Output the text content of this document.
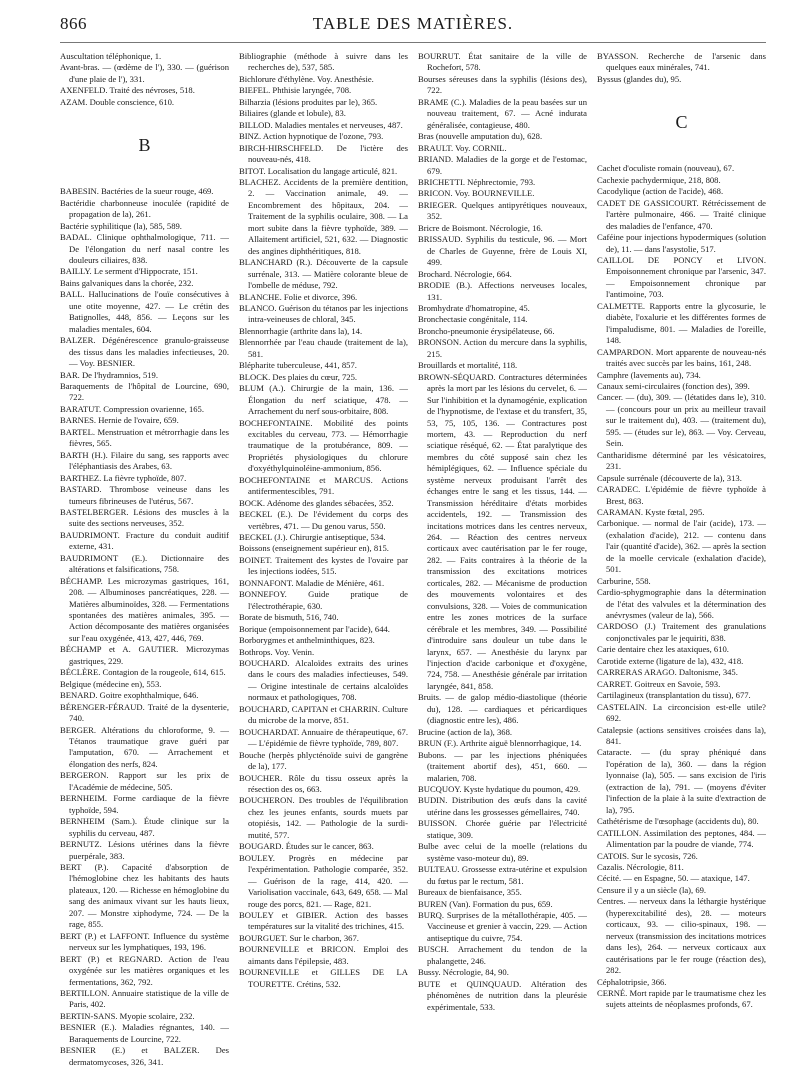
866	TABLE DES MATIÈRES.

Auscultation téléphonique, 1.

Avant-bras. — (œdème de l'), 330. — (guérison d'une plaie de l'), 331.

AXENFELD. Traité des névroses, 518.

AZAM. Double conscience, 610.

B

BABESIN. Bactéries de la sueur rouge, 469.

Bactéridie charbonneuse inoculée (rapidité de propagation de la), 261.

Bactérie syphilitique (la), 585, 589.

BADAL. Clinique ophthalmologique, 711. — De l'élongation du nerf nasal contre les douleurs ciliaires, 838.

BAILLY. Le serment d'Hippocrate, 151.

Bains galvaniques dans la chorée, 232.

BALL. Hallucinations de l'ouïe consécutives à une otite moyenne, 427. — Le crétin des Batignolles, 448, 856. — Leçons sur les maladies mentales, 604.

BALZER. Dégénérescence granulo-graisseuse des tissus dans les maladies infectieuses, 20. — Voy. BESNIER.

BAR. De l'hydramnios, 519.

Baraquements de l'hôpital de Lourcine, 690, 722.

BARATUT. Compression ovarienne, 165.

BARNES. Hernie de l'ovaire, 659.

BARTEL. Menstruation et métrorrhagie dans les fièvres, 565.

BARTH (H.). Filaire du sang, ses rapports avec l'éléphantiasis des Arabes, 63.

BARTHEZ. La fièvre typhoïde, 807.

BASTARD. Thrombose veineuse dans les tumeurs fibrineuses de l'utérus, 567.

BASTELBERGER. Lésions des muscles à la suite des sections nerveuses, 352.

BAUDRIMONT. Fracture du conduit auditif externe, 431.

BAUDRIMONT (E.). Dictionnaire des altérations et falsifications, 758.

BÉCHAMP. Les microzymas gastriques, 161, 208. — Albuminoses pancréatiques, 228. — Matières albuminoïdes, 328. — Fermentations spontanées des matières animales, 395. — Action décomposante des matières organisées sur l'eau oxygénée, 413, 427, 446, 769.

BÉCHAMP et A. GAUTIER. Microzymas gastriques, 229.

BÉCLÈRE. Contagion de la rougeole, 614, 615.

Belgique (médecine en), 553.

BENARD. Goitre exophthalmique, 646.

BÉRENGER-FÉRAUD. Traité de la dysenterie, 740.

BERGER. Altérations du chloroforme, 9. — Tétanos traumatique grave guéri par l'amputation, 670. — Arrachement et élongation des nerfs, 824.

BERGERON. Rapport sur les prix de l'Académie de médecine, 505.

BERNHEIM. Forme cardiaque de la fièvre typhoïde, 594.

BERNHEIM (Sam.). Étude clinique sur la syphilis du cerveau, 487.

BERNUTZ. Lésions utérines dans la fièvre puerpérale, 383.

BERT (P.). Capacité d'absorption de l'hémoglobine chez les habitants des hauts plateaux, 120. — Richesse en hémoglobine du sang des animaux vivant sur les hauts lieux, 207. — Monstre xiphodyme, 724. — De la rage, 855.

BERT (P.) et LAFFONT. Influence du système nerveux sur les lymphatiques, 193, 196.

BERT (P.) et REGNARD. Action de l'eau oxygénée sur les matières organiques et les fermentations, 362, 792.

BERTILLON. Annuaire statistique de la ville de Paris, 402.

BERTIN-SANS. Myopie scolaire, 232.

BESNIER (E.). Maladies régnantes, 140. — Baraquements de Lourcine, 722.

BESNIER (E.) et BALZER. Des dermatomycoses, 326, 341.

Bibliographie (méthode à suivre dans les recherches de), 537, 585.

Bichlorure d'éthylène. Voy. Anesthésie.

BIEFEL. Phthisie laryngée, 708.

Bilharzia (lésions produites par le), 365.

Biliaires (glande et lobule), 83.

BILLOD. Maladies mentales et nerveuses, 487.

BINZ. Action hypnotique de l'ozone, 793.

BIRCH-HIRSCHFELD. De l'ictère des nouveau-nés, 418.

BITOT. Localisation du langage articulé, 821.

BLACHEZ. Accidents de la première dentition, 2. — Vaccination animale, 49. — Encombrement des hôpitaux, 204. — Traitement de la syphilis oculaire, 308. — La mort subite dans la fièvre typhoïde, 389. — Allaitement artificiel, 521, 632. — Diagnostic des angines diphthéritiques, 818.

BLANCHARD (R.). Découverte de la capsule surrénale, 313. — Matière colorante bleue de l'ombelle de méduse, 792.

BLANCHE. Folie et divorce, 396.

BLANCO. Guérison du tétanos par les injections intra-veineuses de chloral, 345.

Blennorrhagie (arthrite dans la), 14.

Blennorrhée par l'eau chaude (traitement de la), 581.

Blépharite tuberculeuse, 441, 857.

BLOCK. Des plaies du cœur, 725.

BLUM (A.). Chirurgie de la main, 136. — Élongation du nerf sciatique, 478. — Arrachement du nerf sous-orbitaire, 808.

BOCHEFONTAINE. Mobilité des points excitables du cerveau, 773. — Hémorrhagie traumatique de la protubérance, 809. — Propriétés physiologiques du chlorure d'oxyéthylquinoléine-ammonium, 856.

BOCHEFONTAINE et MARCUS. Actions antifermentescibles, 791.

BOCK. Adénome des glandes sébacées, 352.

BECKEL (E.). De l'évidement du corps des vertèbres, 471. — Du genou varus, 550.

BECKEL (J.). Chirurgie antiseptique, 534.

Boissons (enseignement supérieur en), 815.

BOINET. Traitement des kystes de l'ovaire par les injections iodées, 515.

BONNAFONT. Maladie de Ménière, 461.

BONNEFOY. Guide pratique de l'électrothérapie, 630.

Borate de bismuth, 516, 740.

Borique (empoisonnement par l'acide), 644.

Borborygmes et anthelminthiques, 823.

Bothrops. Voy. Venin.

BOUCHARD. Alcaloïdes extraits des urines dans le cours des maladies infectieuses, 549. — Origine intestinale de certains alcaloïdes normaux et pathologiques, 708.

BOUCHARD, CAPITAN et CHARRIN. Culture du microbe de la morve, 851.

BOUCHARDAT. Annuaire de thérapeutique, 67. — L'épidémie de fièvre typhoïde, 789, 807.

Bouche (herpès phlycténoïde suivi de gangrène de la), 177.

BOUCHER. Rôle du tissu osseux après la résection des os, 663.

BOUCHERON. Des troubles de l'équilibration chez les jeunes enfants, sourds muets par otopiésis, 142. — Pathologie de la surdi-mutité, 577.

BOUGARD. Études sur le cancer, 863.

BOULEY. Progrès en médecine par l'expérimentation. Pathologie comparée, 352. — Guérison de la rage, 414, 420. — Variolisation vaccinale, 643, 649, 658. — Mal rouge des porcs, 821. — Rage, 821.

BOULEY et GIBIER. Action des basses températures sur la vitalité des trichines, 415.

BOURGUET. Sur le charbon, 367.

BOURNEVILLE et BRICON. Emploi des aimants dans l'épilepsie, 483.

BOURNEVILLE et GILLES DE LA TOURETTE. Crétins, 532.

BOURRUT. État sanitaire de la ville de Rochefort, 578.

Bourses séreuses dans la syphilis (lésions des), 722.

BRAME (C.). Maladies de la peau basées sur un nouveau traitement, 67. — Acné indurata généralisée, contagieuse, 480.

Bras (nouvelle amputation du), 628.

BRAULT. Voy. CORNIL.

BRIAND. Maladies de la gorge et de l'estomac, 679.

BRICHETTI. Néphrectomie, 793.

BRICON. Voy. BOURNEVILLE.

BRIEGER. Quelques antipyrétiques nouveaux, 352.

Bricre de Boismont. Nécrologie, 16.

BRISSAUD. Syphilis du testicule, 96. — Mort de Charles de Guyenne, frère de Louis XI, 499.

Brochard. Nécrologie, 664.

BRODIE (B.). Affections nerveuses locales, 131.

Bromhydrate d'homatropine, 45.

Bronchectasie congénitale, 114.

Broncho-pneumonie érysipélateuse, 66.

BRONSON. Action du mercure dans la syphilis, 215.

Brouillards et mortalité, 118.

BROWN-SÉQUARD. Contractures déterminées après la mort par les lésions du cervelet, 6. — Sur l'inhibition et la dynamogénie, explication de l'hypnotisme, de l'extase et du transfert, 35, 53, 75, 105, 136. — Contractures post mortem, 43. — Reproduction du nerf sciatique réséqué, 62. — État paralytique des membres du côté supposé sain chez les hémiplégiques, 62. — Influence spéciale du système nerveux produisant l'arrêt des échanges entre le sang et les tissus, 144. — Transmission héréditaire d'états morbides accidentels, 192. — Transmission des incitations motrices dans les centres nerveux, 264. — Réaction des centres nerveux corticaux avec cautérisation par le fer rouge, 282. — Faits contraires à la théorie de la transmission des excitations motrices corticales, 282. — Mécanisme de production des mouvements volontaires et des convulsions, 328. — Voies de communication entre les zones motrices de la surface cérébrale et les membres, 349. — Possibilité d'introduire sans douleur un tube dans le larynx, 657. — Anesthésie du larynx par l'injection d'acide carbonique et d'oxygène, 724, 758. — Anesthésie générale par irritation laryngée, 841, 858.

Bruits. — de galop médio-diastolique (théorie du), 128. — cardiaques et péricardiques (diagnostic entre les), 486.

Brucine (action de la), 368.

BRUN (F.). Arthrite aiguë blennorrhagique, 14.

Bubons. — par les injections phéniquées (traitement abortif des), 451, 660. — malarien, 708.

BUCQUOY. Kyste hydatique du poumon, 429.

BUDIN. Distribution des œufs dans la cavité utérine dans les grossesses gémellaires, 740.

BUISSON. Chorée guérie par l'électricité statique, 309.

Bulbe avec celui de la moelle (relations du système vaso-moteur du), 89.

BULTEAU. Grossesse extra-utérine et expulsion du fœtus par le rectum, 581.

Bureaux de bienfaisance, 355.

BUREN (Van). Formation du pus, 659.

BURQ. Surprises de la métallothérapie, 405. — Vaccineuse et grenier à vaccin, 229. — Action antiseptique du cuivre, 754.

BUSCH. Arrachement du tendon de la phalangette, 246.

Bussy. Nécrologie, 84, 90.

BUTE et QUINQUAUD. Altération des phénomènes de nutrition dans la pleurésie expérimentale, 533.

BYASSON. Recherche de l'arsenic dans quelques eaux minérales, 741.

Byssus (glandes du), 95.

C

Cachet d'oculiste romain (nouveau), 67.

Cachexie pachydermique, 218, 808.

Cacodylique (action de l'acide), 468.

CADET DE GASSICOURT. Rétrécissement de l'artère pulmonaire, 466. — Traité clinique des maladies de l'enfance, 470.

Caféine pour injections hypodermiques (solution de), 11. — dans l'asystolie, 517.

CAILLOL DE PONCY et LIVON. Empoisonnement chronique par l'arsenic, 347. — Empoisonnement chronique par l'antimoine, 703.

CALMETTE. Rapports entre la glycosurie, le diabète, l'oxalurie et les différentes formes de l'impaludisme, 801. — Maladies de l'oreille, 148.

CAMPARDON. Mort apparente de nouveau-nés traités avec succès par les bains, 161, 248.

Camphre (lavements au), 734.

Canaux semi-circulaires (fonction des), 399.

Cancer. — (du), 309. — (létatides dans le), 310. — (concours pour un prix au meilleur travail sur le traitement du), 403. — (traitement du), 595. — (études sur le), 863. — Voy. Cerveau, Sein.

Cantharidisme déterminé par les vésicatoires, 231.

Capsule surrénale (découverte de la), 313.

CARADEC. L'épidémie de fièvre typhoïde à Brest, 863.

CARAMAN. Kyste fœtal, 295.

Carbonique. — normal de l'air (acide), 173. — (exhalation d'acide), 212. — contenu dans l'air (quantité d'acide), 362. — après la section de la moelle cervicale (exhalation d'acide), 501.

Carburine, 558.

Cardio-sphygmographie dans la détermination de l'état des valvules et la détermination des anévrysmes (valeur de la), 566.

CARDOSO (J.) Traitement des granulations conjonctivales par le jequiriti, 838.

Carie dentaire chez les ataxiques, 610.

Carotide externe (ligature de la), 432, 418.

CARRERAS ARAGO. Daltonisme, 345.

CARRET. Goitreux en Savoie, 593.

Cartilagineux (transplantation du tissu), 677.

CASTELAIN. La circoncision est-elle utile? 692.

Catalepsie (actions sensitives croisées dans la), 841.

Cataracte. — (du spray phéniqué dans l'opération de la), 360. — dans la région lyonnaise (la), 505. — sans excision de l'iris (extraction de la), 791. — (moyens d'éviter l'infection de la plaie à la suite d'extraction de la), 795.

Cathétérisme de l'œsophage (accidents du), 80.

CATILLON. Assimilation des peptones, 484. — Alimentation par la poudre de viande, 774.

CATOIS. Sur le sycosis, 726.

Cazalis. Nécrologie, 811.

Cécité. — en Espagne, 50. — ataxique, 147.

Censure il y a un siècle (la), 69.

Centres. — nerveux dans la léthargie hystérique (hyperexcitabilité des), 28. — moteurs corticaux, 93. — cilio-spinaux, 198. — nerveux (transmission des incitations motrices dans les), 264. — nerveux corticaux aux cautérisations par le fer rouge (réaction des), 282.

Céphalotripsie, 366.

CERNÉ. Mort rapide par le traumatisme chez les sujets atteints de néoplasmes profonds, 67.
